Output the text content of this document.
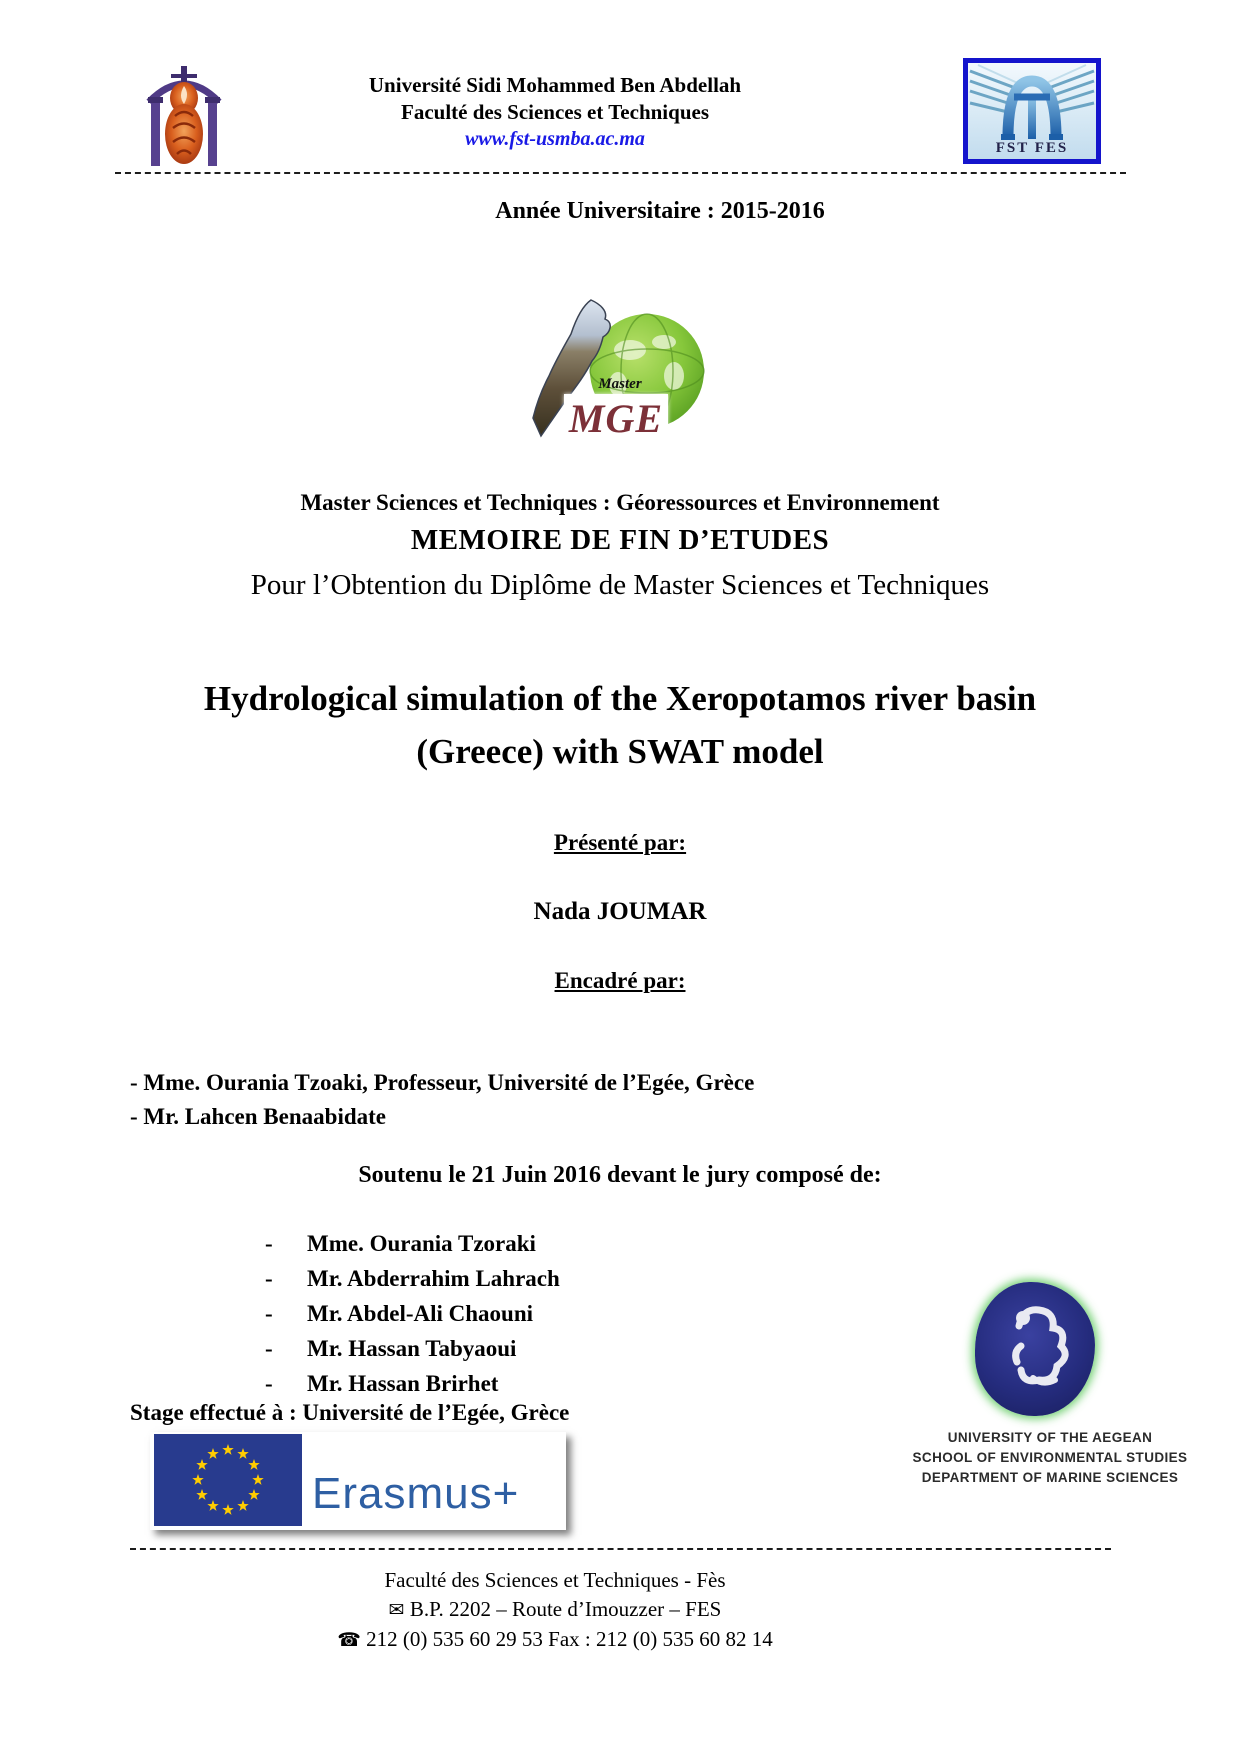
Université Sidi Mohammed Ben Abdellah
Faculté des Sciences et Techniques
www.fst-usmba.ac.ma	FST FES
Année Universitaire : 2015-2016
Master
MGE
Master Sciences et Techniques : Géoressources et Environnement
MEMOIRE DE FIN D’ETUDES
Pour l’Obtention du Diplôme de Master Sciences et Techniques
Hydrological simulation of the Xeropotamos river basin (Greece) with SWAT model
Présenté par:
Nada JOUMAR
Encadré par:
- Mme. Ourania Tzoaki, Professeur, Université de l’Egée, Grèce
- Mr. Lahcen Benaabidate
Soutenu le 21 Juin 2016 devant le jury composé de:
-	Mme. Ourania Tzoraki
-	Mr. Abderrahim Lahrach
-	Mr. Abdel-Ali Chaouni
-	Mr. Hassan Tabyaoui
-	Mr. Hassan Brirhet
Stage effectué à : Université de l’Egée, Grèce
Erasmus+
UNIVERSITY OF THE AEGEAN
SCHOOL OF ENVIRONMENTAL STUDIES
DEPARTMENT OF MARINE SCIENCES
Faculté des Sciences et Techniques - Fès
✉ B.P. 2202 – Route d’Imouzzer – FES
☎ 212 (0) 535 60 29 53 Fax : 212 (0) 535 60 82 14
